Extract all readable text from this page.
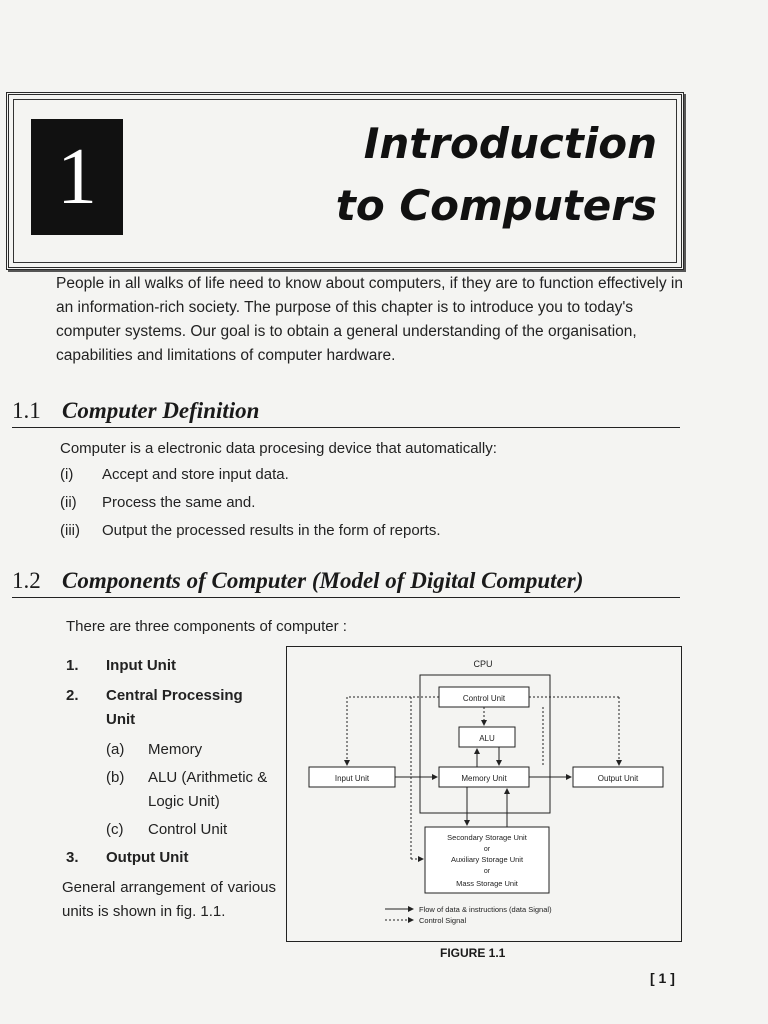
1	Introduction
to Computers
People in all walks of life need to know about computers, if they are to function effectively in an information-rich society. The purpose of this chapter is to introduce you to today's computer systems. Our goal is to obtain a general understanding of the organisation, capabilities and limitations of computer hardware.
1.1 Computer Definition
Computer is a electronic data procesing device that automatically:
(i)	Accept and store input data.
(ii)	Process the same and.
(iii)	Output the processed results in the form of reports.
1.2 Components of Computer (Model of Digital Computer)
There are three components of computer :
1.	Input Unit
2.	Central Processing Unit
(a)	Memory
(b)	ALU (Arithmetic & Logic Unit)
(c)	Control Unit
3.	Output Unit
General arrangement of various units is shown in fig. 1.1.
CPU
Control Unit
ALU
Memory Unit
Input Unit	Output Unit
Secondary Storage Unit
or
Auxiliary Storage Unit
or
Mass Storage Unit
Flow of data & instructions (data Signal)
Control Signal
FIGURE 1.1
[ 1 ]
